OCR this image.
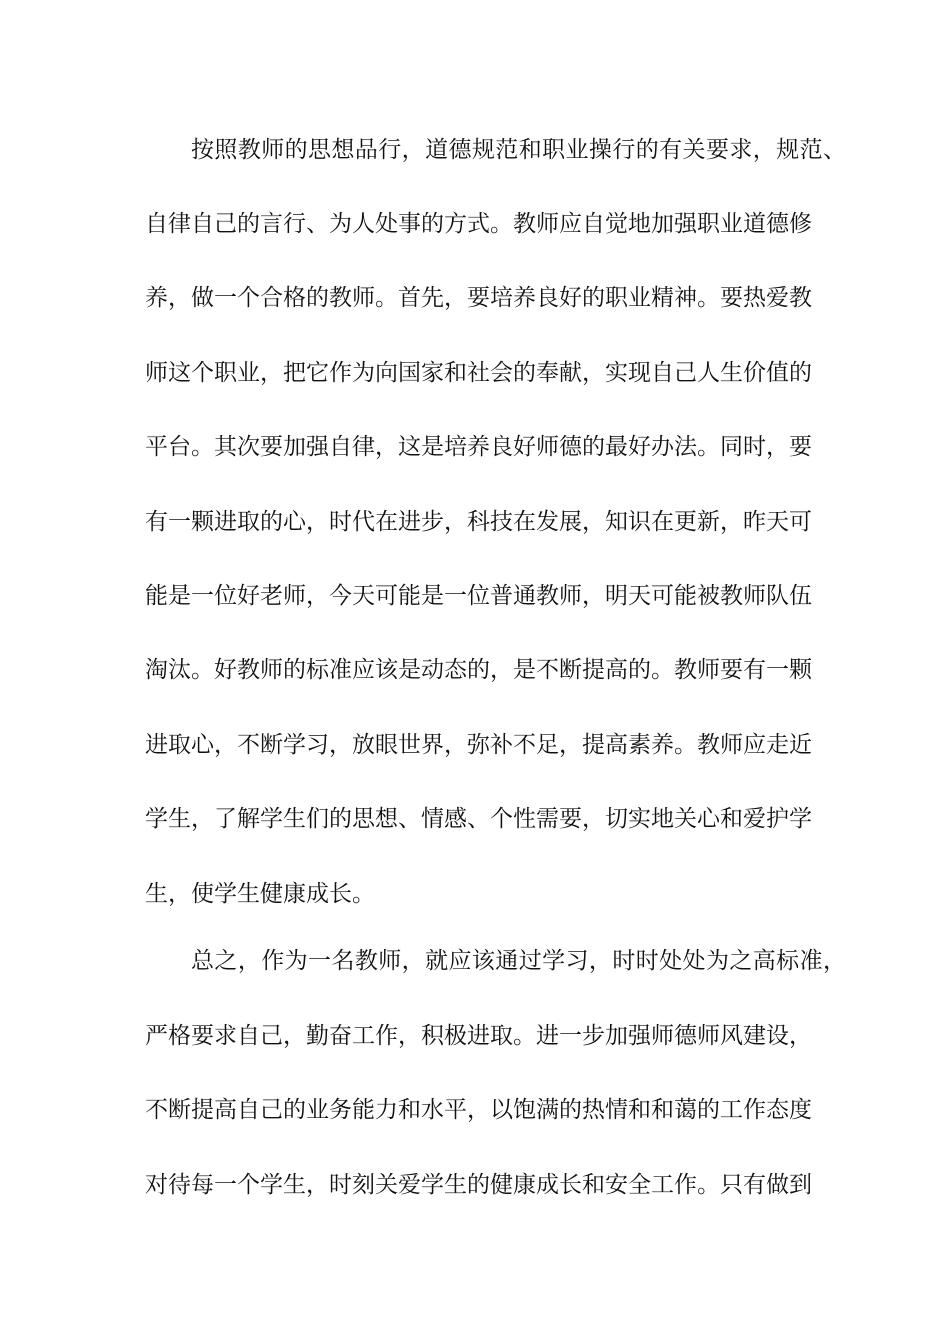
按照教师的思想品行，道德规范和职业操行的有关要求，规范、
自律自己的言行、为人处事的方式。教师应自觉地加强职业道德修
养，做一个合格的教师。首先，要培养良好的职业精神。要热爱教
师这个职业，把它作为向国家和社会的奉献，实现自己人生价值的
平台。其次要加强自律，这是培养良好师德的最好办法。同时，要
有一颗进取的心，时代在进步，科技在发展，知识在更新，昨天可
能是一位好老师，今天可能是一位普通教师，明天可能被教师队伍
淘汰。好教师的标准应该是动态的，是不断提高的。教师要有一颗
进取心，不断学习，放眼世界，弥补不足，提高素养。教师应走近
学生，了解学生们的思想、情感、个性需要，切实地关心和爱护学
生，使学生健康成长。
总之，作为一名教师，就应该通过学习，时时处处为之高标准，
严格要求自己，勤奋工作，积极进取。进一步加强师德师风建设，
不断提高自己的业务能力和水平，以饱满的热情和和蔼的工作态度
对待每一个学生，时刻关爱学生的健康成长和安全工作。只有做到
